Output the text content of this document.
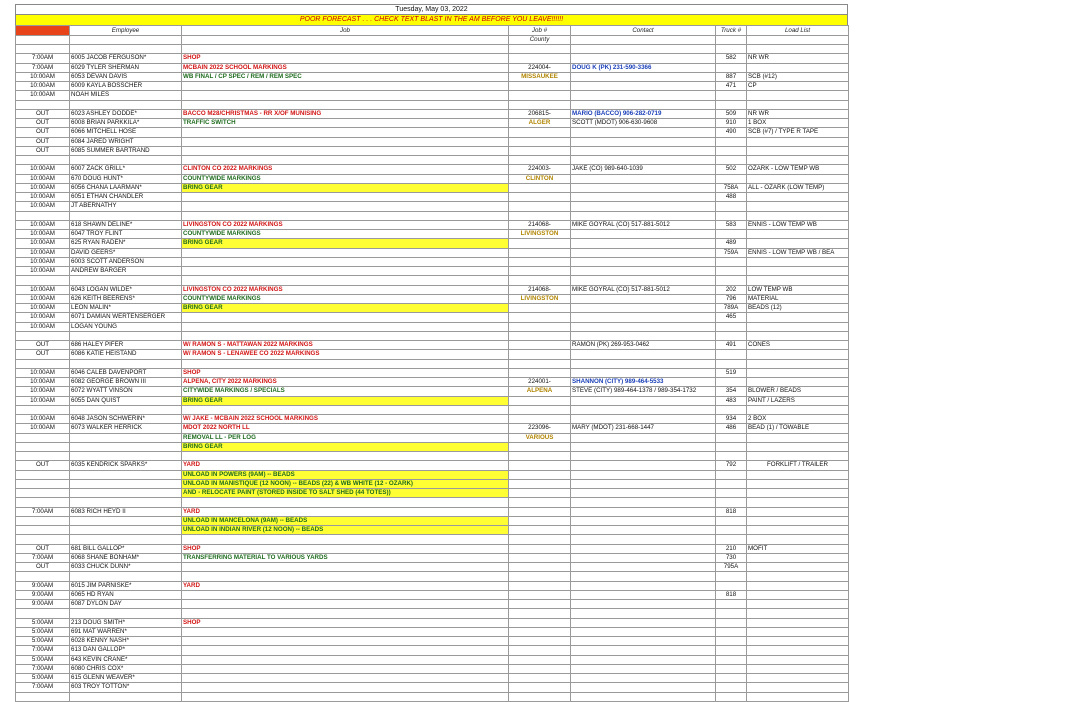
Tuesday, May 03, 2022
POOR FORECAST . . . CHECK TEXT BLAST IN THE AM BEFORE YOU LEAVE!!!!!!
Time	Employee	Job	Job #	Contact	Truck #	Load List
			County			

7:00AM	6005 JACOB FERGUSON*	SHOP			582	NR WR
7:00AM	6029 TYLER SHERMAN	MCBAIN 2022 SCHOOL MARKINGS	224004-	DOUG K (PK) 231-590-3366		
10:00AM	6053 DEVAN DAVIS	WB FINAL / CP SPEC / REM / REM SPEC	MISSAUKEE		887	SCB (#12)
10:00AM	6009 KAYLA BOSSCHER				471	CP
10:00AM	NOAH MILES					

OUT	6023 ASHLEY DODDE*	BACCO M28/CHRISTMAS - RR X/OF MUNISING	206815-	MARIO (BACCO) 906-282-0719	509	NR WR
OUT	6008 BRIAN PARKKILA*	TRAFFIC SWITCH	ALGER	SCOTT (MDOT) 906-630-9608	910	1 BOX
OUT	6066 MITCHELL HOSE				490	SCB (#7) / TYPE R TAPE
OUT	6084 JARED WRIGHT					
OUT	6085 SUMMER BARTRAND					

10:00AM	6007 ZACK GRILL*	CLINTON CO 2022 MARKINGS	224003-	JAKE (CO) 989-640-1039	502	OZARK - LOW TEMP WB
10:00AM	670 DOUG HUNT*	COUNTYWIDE MARKINGS	CLINTON			
10:00AM	6056 CHANA LAARMAN*	BRING GEAR			758A	ALL - OZARK (LOW TEMP)
10:00AM	6051 ETHAN CHANDLER				488	
10:00AM	JT ABERNATHY					

10:00AM	618 SHAWN DELINE*	LIVINGSTON CO 2022 MARKINGS	214068-	MIKE GOYRAL (CO) 517-881-5012	583	ENNIS - LOW TEMP WB
10:00AM	6047 TROY FLINT	COUNTYWIDE MARKINGS	LIVINGSTON			
10:00AM	625 RYAN RADEN*	BRING GEAR			489	
10:00AM	DAVID GEERS*				759A	ENNIS - LOW TEMP WB / BEA
10:00AM	6003 SCOTT ANDERSON					
10:00AM	ANDREW BARGER					

10:00AM	6043 LOGAN WILDE*	LIVINGSTON CO 2022 MARKINGS	214068-	MIKE GOYRAL (CO) 517-881-5012	202	LOW TEMP WB
10:00AM	626 KEITH BEERENS*	COUNTYWIDE MARKINGS	LIVINGSTON		796	MATERIAL
10:00AM	LEON MALIN*	BRING GEAR			789A	BEADS (12)
10:00AM	6071 DAMIAN WERTENSERGER				465	
10:00AM	LOGAN YOUNG					

OUT	686 HALEY PIFER	W/ RAMON S - MATTAWAN 2022 MARKINGS		RAMON (PK) 269-953-0462	491	CONES
OUT	6086 KATIE HEISTAND	W/ RAMON S - LENAWEE CO 2022 MARKINGS				

10:00AM	6046 CALEB DAVENPORT	SHOP			519	
10:00AM	6082 GEORGE BROWN III	ALPENA, CITY 2022 MARKINGS	224001-	SHANNON (CITY) 989-464-5533		
10:00AM	6072 WYATT VINSON	CITYWIDE MARKINGS / SPECIALS	ALPENA	STEVE (CITY) 989-464-1378 / 989-354-1732	354	BLOWER / BEADS
10:00AM	6055 DAN QUIST	BRING GEAR			483	PAINT / LAZERS

10:00AM	6048 JASON SCHWERIN*	W/ JAKE - MCBAIN 2022 SCHOOL MARKINGS			934	2 BOX
10:00AM	6073 WALKER HERRICK	MDOT 2022 NORTH LL	223096-	MARY (MDOT) 231-668-1447	486	BEAD (1) / TOWABLE
		REMOVAL LL - PER LOG	VARIOUS			
		BRING GEAR				

OUT	6035 KENDRICK SPARKS*	YARD			792	FORKLIFT / TRAILER
		UNLOAD IN POWERS (9AM) -- BEADS				
		UNLOAD IN MANISTIQUE (12 NOON) -- BEADS (22) & WB WHITE (12 - OZARK)				
		AND - RELOCATE PAINT (STORED INSIDE TO SALT SHED (44 TOTES))				

7:00AM	6083 RICH HEYD II	YARD			818	
		UNLOAD IN MANCELONA (9AM) -- BEADS				
		UNLOAD IN INDIAN RIVER (12 NOON) -- BEADS				

OUT	681 BILL GALLOP*	SHOP			210	MOFIT
7:00AM	6068 SHANE BONHAM*	TRANSFERRING MATERIAL TO VARIOUS YARDS			730	
OUT	6033 CHUCK DUNN*				795A	

9:00AM	6015 JIM PARNISKE*	YARD				
9:00AM	6065 HD RYAN				818	
9:00AM	6087 DYLON DAY					

5:00AM	213 DOUG SMITH*	SHOP				
5:00AM	691 MAT WARREN*					
5:00AM	6028 KENNY NASH*					
7:00AM	613 DAN GALLOP*					
5:00AM	643 KEVIN CRANE*					
7:00AM	6080 CHRIS COX*					
5:00AM	615 GLENN WEAVER*					
7:00AM	603 TROY TOTTON*					
